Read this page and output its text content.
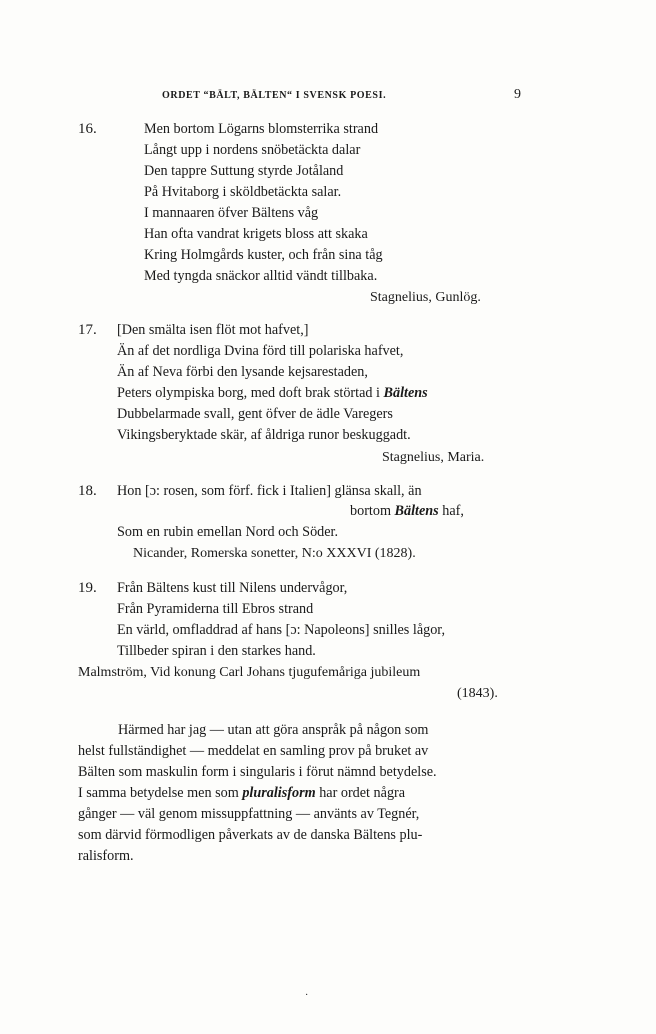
ORDET “BÄLT, BÄLTEN“ I SVENSK POESI.	9
16.	Men bortom Lögarns blomsterrika strand
Långt upp i nordens snöbetäckta dalar
Den tappre Suttung styrde Jotåland
På Hvitaborg i sköldbetäckta salar.
I mannaaren öfver Bältens våg
Han ofta vandrat krigets bloss att skaka
Kring Holmgårds kuster, och från sina tåg
Med tyngda snäckor alltid vändt tillbaka.
Stagnelius, Gunlög.
17. [Den smälta isen flöt mot hafvet,]
Än af det nordliga Dvina förd till polariska hafvet,
Än af Neva förbi den lysande kejsarestaden,
Peters olympiska borg, med doft brak störtad i Bältens
Dubbelarmade svall, gent öfver de ädle Varegers
Vikingsberyktade skär, af åldriga runor beskuggadt.
Stagnelius, Maria.
18. Hon [ɔ: rosen, som förf. fick i Italien] glänsa skall, än
bortom Bältens haf,
Som en rubin emellan Nord och Söder.
Nicander, Romerska sonetter, N:o XXXVI (1828).
19. Från Bältens kust till Nilens undervågor,
Från Pyramiderna till Ebros strand
En värld, omfladdrad af hans [ɔ: Napoleons] snilles lågor,
Tillbeder spiran i den starkes hand.
Malmström, Vid konung Carl Johans tjugufemåriga jubileum
(1843).
Härmed har jag — utan att göra anspråk på någon som
helst fullständighet — meddelat en samling prov på bruket av
Bälten som maskulin form i singularis i förut nämnd betydelse.
I samma betydelse men som pluralisform har ordet några
gånger — väl genom missuppfattning — använts av Tegnér,
som därvid förmodligen påverkats av de danska Bältens plu-
ralisform.
·
